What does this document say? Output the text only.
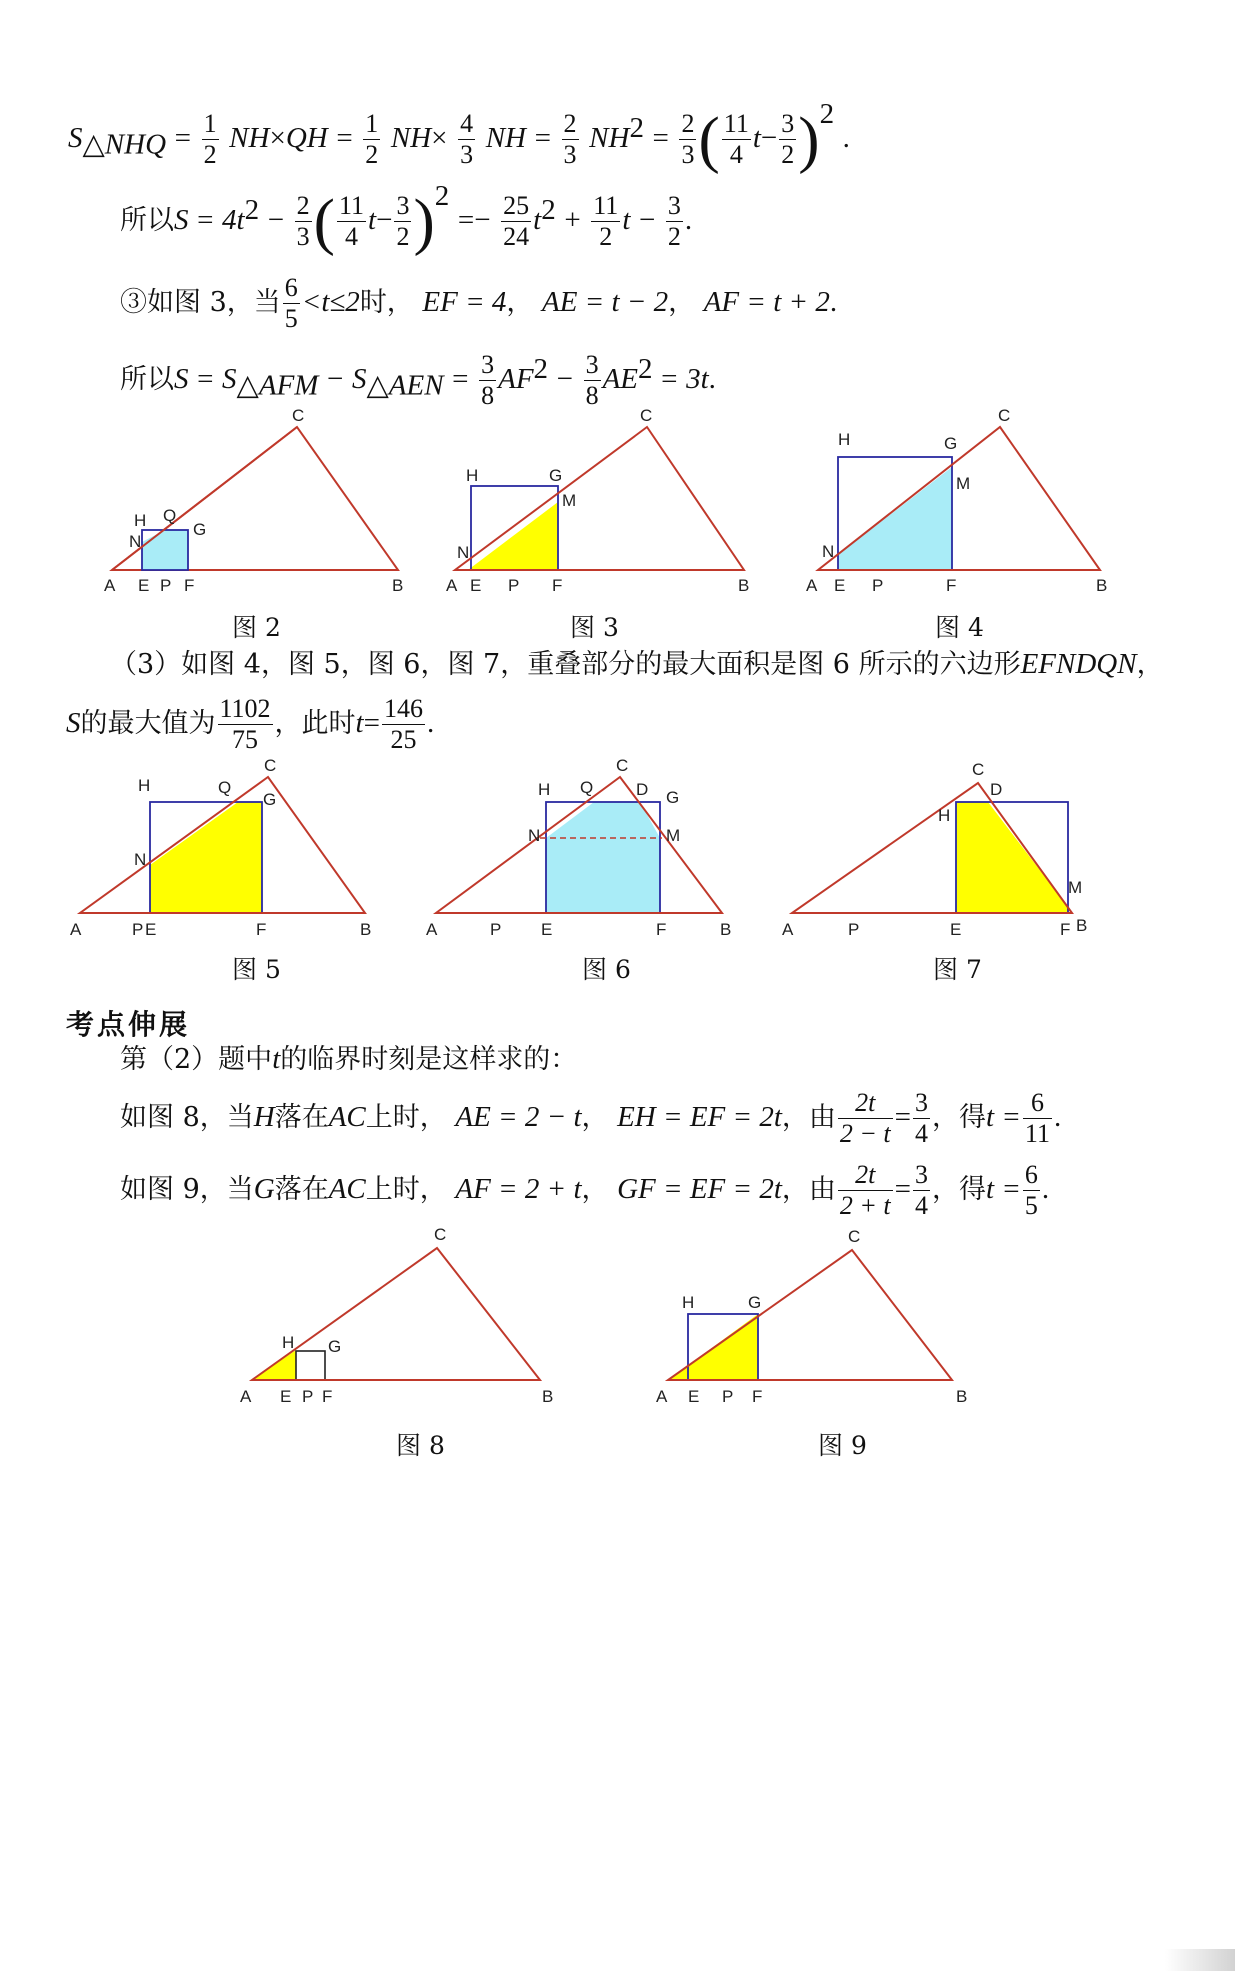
$S_{\triangle NHQ} = \frac{1}{2} NH\times QH = \frac{1}{2} NH\times \frac{4}{3}$ NH = $\frac{2}{3} NH^2 = \frac{2}{3}$ ( $\frac{11}{4} t- \frac{3}{2} )^2$ .
所以$S = 4t^2 - \frac{2}{3}$ ( $\frac{11}{4} t- \frac{3}{2} )^2 =- \frac{25}{24} t^2 + \frac{11}{2}$ $t - \frac{3}{2}$ .
③如图 3，当 $\frac{6}{5} <t\le 2$时， EF = 4， AE = t − 2， AF = t + 2.
所以$S = S_{\triangle AFM} - S_{\triangle AEN} = \frac{3}{8} AF^2 - \frac{3}{8} AE^2 = 3t$.
A E P F	B
C
H Q
N
G
A E P F	B
C
H	G
M
N
A E P	F	B
C
H	G
M
N
图 2	图 3	图 4
（3）如图 4，图 5，图 6，图 7，重叠部分的最大面积是图 6 所示的六边形EFNDQN，
S的最大值为 $\frac{1102}{75}$ ，此时$t= \frac{146}{25}$ .
A	P E	F	B
C
H	Q
G
N
A	P E	F	B
C
H Q	D G
N	M
A	P	E	F B
C
D
H
M
图 5	图 6	图 7
考点伸展
第（2）题中t的临界时刻是这样求的：
如图 8，当H落在AC上时， AE = 2 − t， EH = EF = 2t，由 $\frac{2t}{2 - t} = \frac{3}{4}$ ，得$t = \frac{6}{11}$ .
如图 9，当G落在AC上时， AF = 2 + t， GF = EF = 2t，由 $\frac{2t}{2 + t} = \frac{3}{4}$ ，得$t = \frac{6}{5}$ .
A E P F	B
C
H G
A E P F	B
C
H	G
图 8	图 9
